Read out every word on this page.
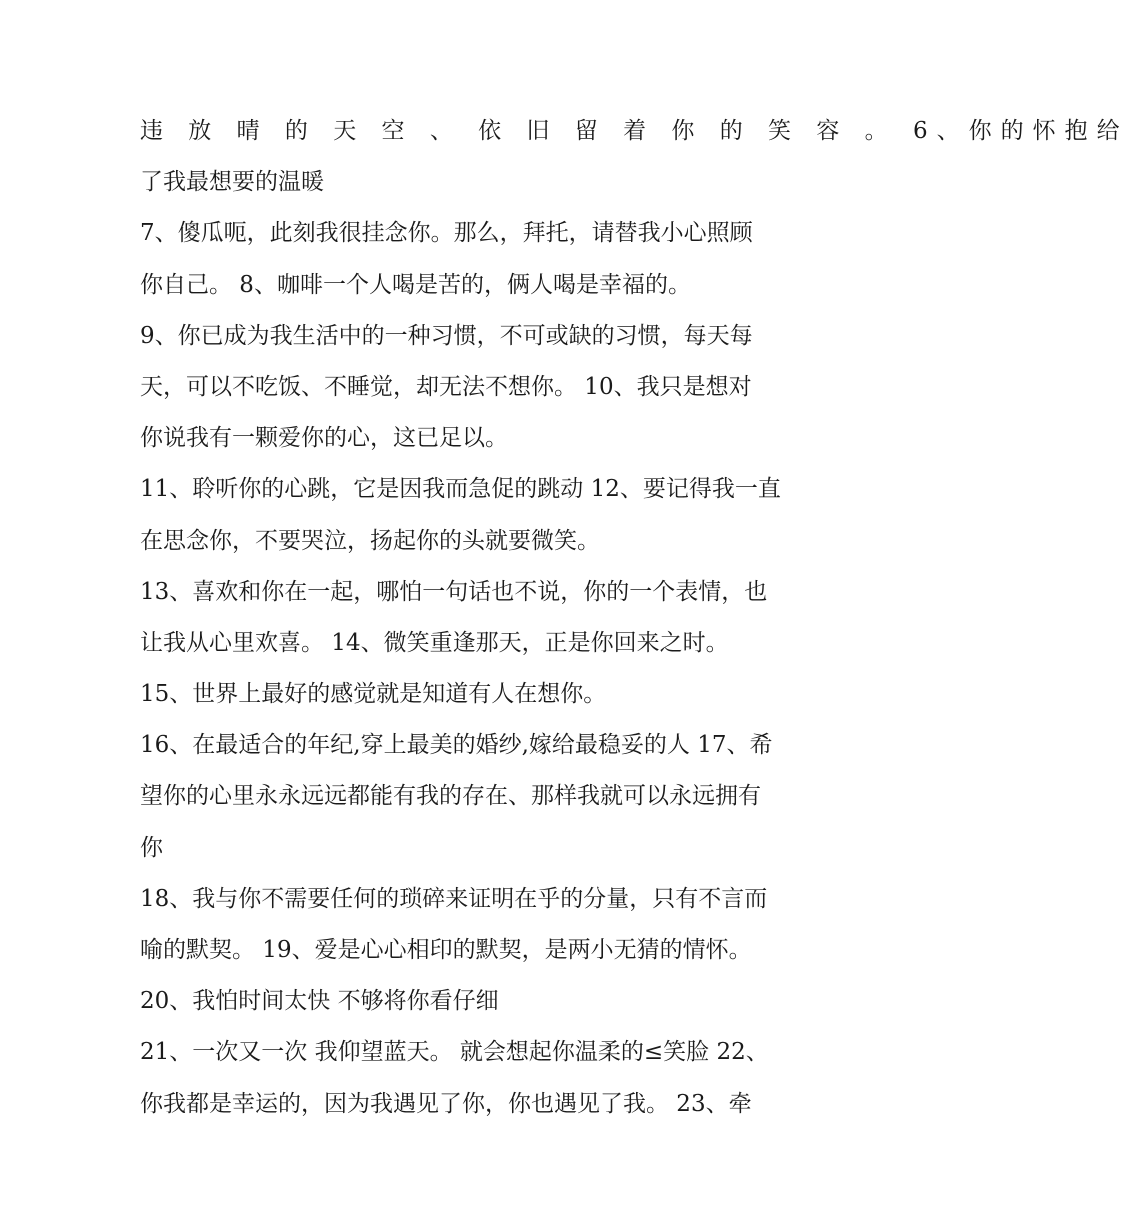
违 放 晴 的 天 空 、 依 旧 留 着 你 的 笑 容 。 6、你的怀抱给
了我最想要的温暖
7、傻瓜呃，此刻我很挂念你。那么，拜托，请替我小心照顾
你自己。 8、咖啡一个人喝是苦的，俩人喝是幸福的。
9、你已成为我生活中的一种习惯，不可或缺的习惯，每天每
天，可以不吃饭、不睡觉，却无法不想你。 10、我只是想对
你说我有一颗爱你的心，这已足以。
11、聆听你的心跳，它是因我而急促的跳动 12、要记得我一直
在思念你，不要哭泣，扬起你的头就要微笑。
13、喜欢和你在一起，哪怕一句话也不说，你的一个表情，也
让我从心里欢喜。 14、微笑重逢那天，正是你回来之时。
15、世界上最好的感觉就是知道有人在想你。
16、在最适合的年纪,穿上最美的婚纱,嫁给最稳妥的人 17、希
望你的心里永永远远都能有我的存在、那样我就可以永远拥有
你
18、我与你不需要任何的琐碎来证明在乎的分量，只有不言而
喻的默契。 19、爱是心心相印的默契，是两小无猜的情怀。
20、我怕时间太快 不够将你看仔细
21、一次又一次 我仰望蓝天。 就会想起你温柔的≤笑脸 22、
你我都是幸运的，因为我遇见了你，你也遇见了我。 23、牵
